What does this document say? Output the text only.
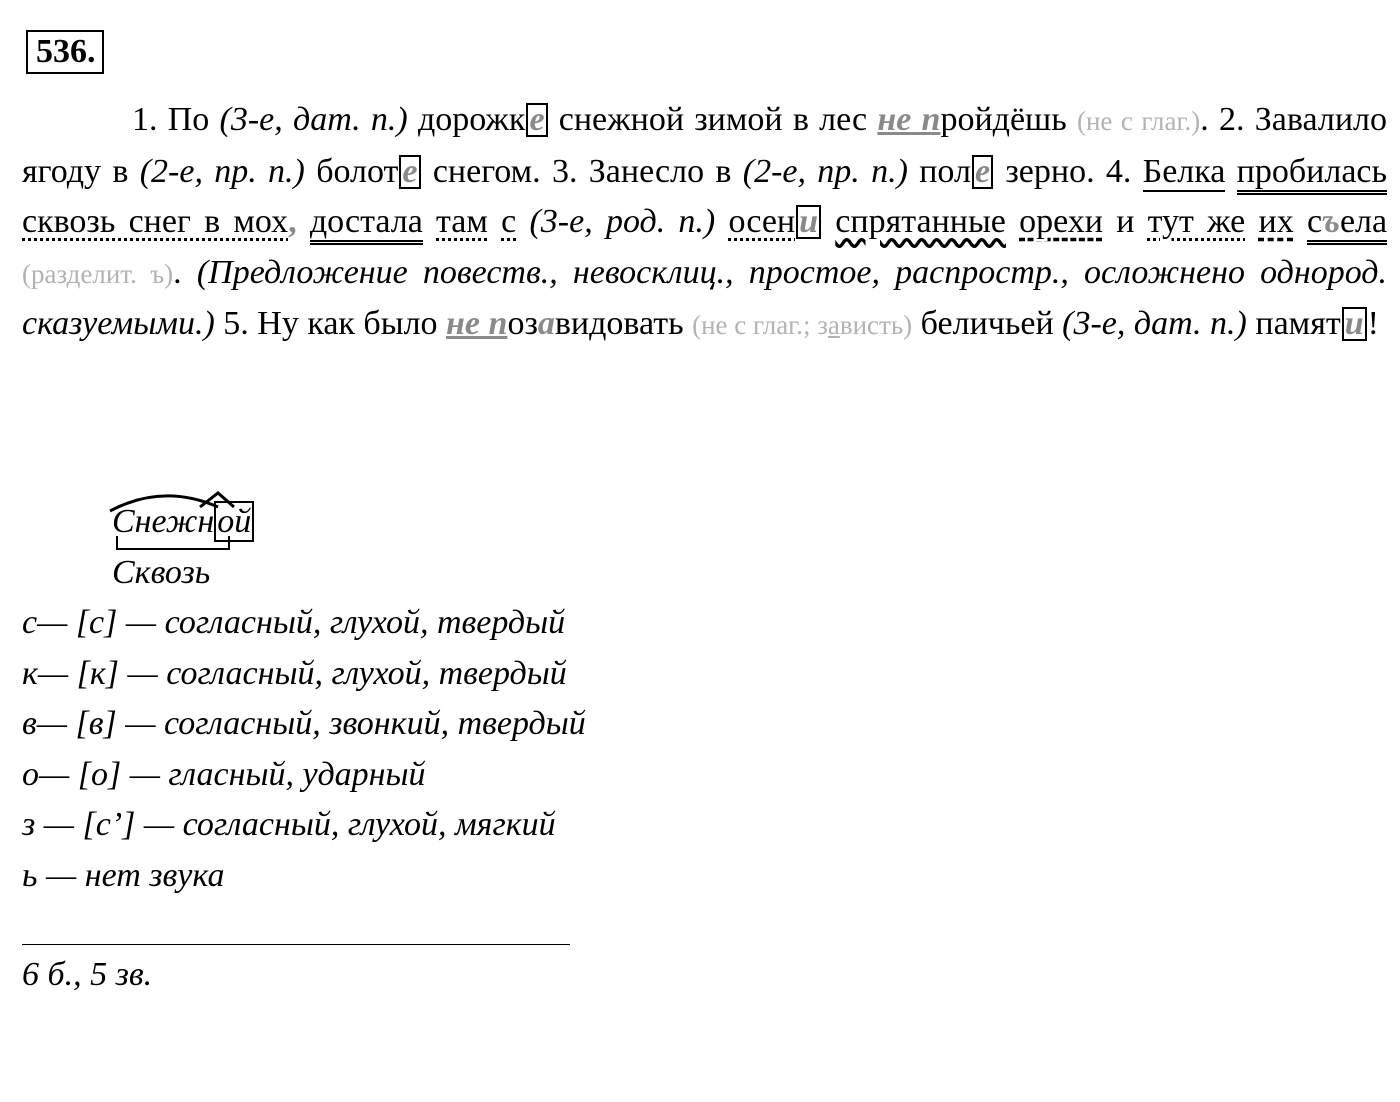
536.
1. По (3-е, дат. п.) дорожк е снежной зимой в лес не пройдёшь (не с глаг.). 2. Завалило ягоду в (2-е, пр. п.) болот е снегом. 3. Занесло в (2-е, пр. п.) пол е зерно. 4. Белка пробилась сквозь снег в мох, достала там с (3-е, род. п.) осен и спрятанные орехи и тут же их съела (разделит. ъ). (Предложение повеств., невосклиц., простое, распростр., осложнено однород. сказуемыми.) 5. Ну как было не позавидовать (не с глаг.; зависть) беличьей (3-е, дат. п.) памят и !
Снежной
Сквозь
с— [с] — согласный, глухой, твердый
к— [к] — согласный, глухой, твердый
в— [в] — согласный, звонкий, твердый
о— [о] — гласный, ударный
з — [с’] — согласный, глухой, мягкий
ь — нет звука
6 б., 5 зв.
